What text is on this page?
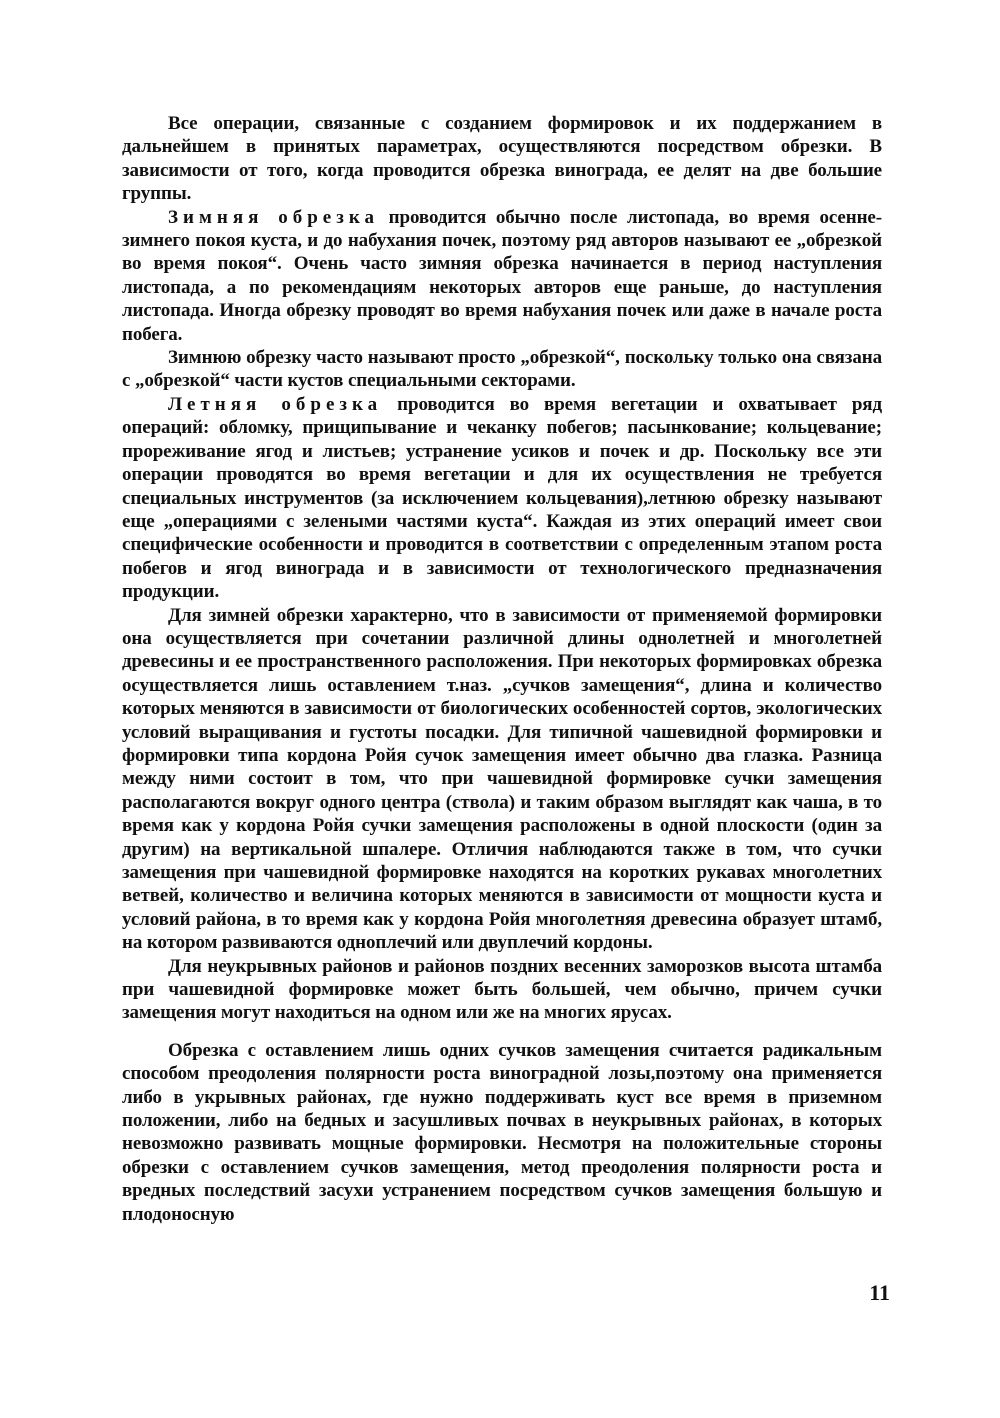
Все операции, связанные с созданием формировок и их поддержанием в дальнейшем в принятых параметрах, осуществляются посредством обрезки. В зависимости от того, когда проводится обрезка винограда, ее делят на две большие группы.

Зимняя обрезка проводится обычно после листопада, во время осенне-зимнего покоя куста, и до набухания почек, поэтому ряд авторов называют ее „обрезкой во время покоя“. Очень часто зимняя обрезка начинается в период наступления листопада, а по рекомендациям некоторых авторов еще раньше, до наступления листопада. Иногда обрезку проводят во время набухания почек или даже в начале роста побега.

Зимнюю обрезку часто называют просто „обрезкой“, поскольку только она связана с „обрезкой“ части кустов специальными секторами.

Летняя обрезка проводится во время вегетации и охватывает ряд операций: обломку, прищипывание и чеканку побегов; пасынкование; кольцевание; прореживание ягод и листьев; устранение усиков и почек и др. Поскольку все эти операции проводятся во время вегетации и для их осуществления не требуется специальных инструментов (за исключением кольцевания),летнюю обрезку называют еще „операциями с зелеными частями куста“. Каждая из этих операций имеет свои специфические особенности и проводится в соответствии с определенным этапом роста побегов и ягод винограда и в зависимости от технологического предназначения продукции.

Для зимней обрезки характерно, что в зависимости от применяемой формировки она осуществляется при сочетании различной длины однолетней и многолетней древесины и ее пространственного расположения. При некоторых формировках обрезка осуществляется лишь оставлением т.наз. „сучков замещения“, длина и количество которых меняются в зависимости от биологических особенностей сортов, экологических условий выращивания и густоты посадки. Для типичной чашевидной формировки и формировки типа кордона Ройя сучок замещения имеет обычно два глазка. Разница между ними состоит в том, что при чашевидной формировке сучки замещения располагаются вокруг одного центра (ствола) и таким образом выглядят как чаша, в то время как у кордона Ройя сучки замещения расположены в одной плоскости (один за другим) на вертикальной шпалере. Отличия наблюдаются также в том, что сучки замещения при чашевидной формировке находятся на коротких рукавах многолетних ветвей, количество и величина которых меняются в зависимости от мощности куста и условий района, в то время как у кордона Ройя многолетняя древесина образует штамб, на котором развиваются одноплечий или двуплечий кордоны.

Для неукрывных районов и районов поздних весенних заморозков высота штамба при чашевидной формировке может быть большей, чем обычно, причем сучки замещения могут находиться на одном или же на многих ярусах.

Обрезка с оставлением лишь одних сучков замещения считается радикальным способом преодоления полярности роста виноградной лозы,поэтому она применяется либо в укрывных районах, где нужно поддерживать куст все время в приземном положении, либо на бедных и засушливых почвах в неукрывных районах, в которых невозможно развивать мощные формировки. Несмотря на положительные стороны обрезки с оставлением сучков замещения, метод преодоления полярности роста и вредных последствий засухи устранением посредством сучков замещения большую и плодоносную

11
